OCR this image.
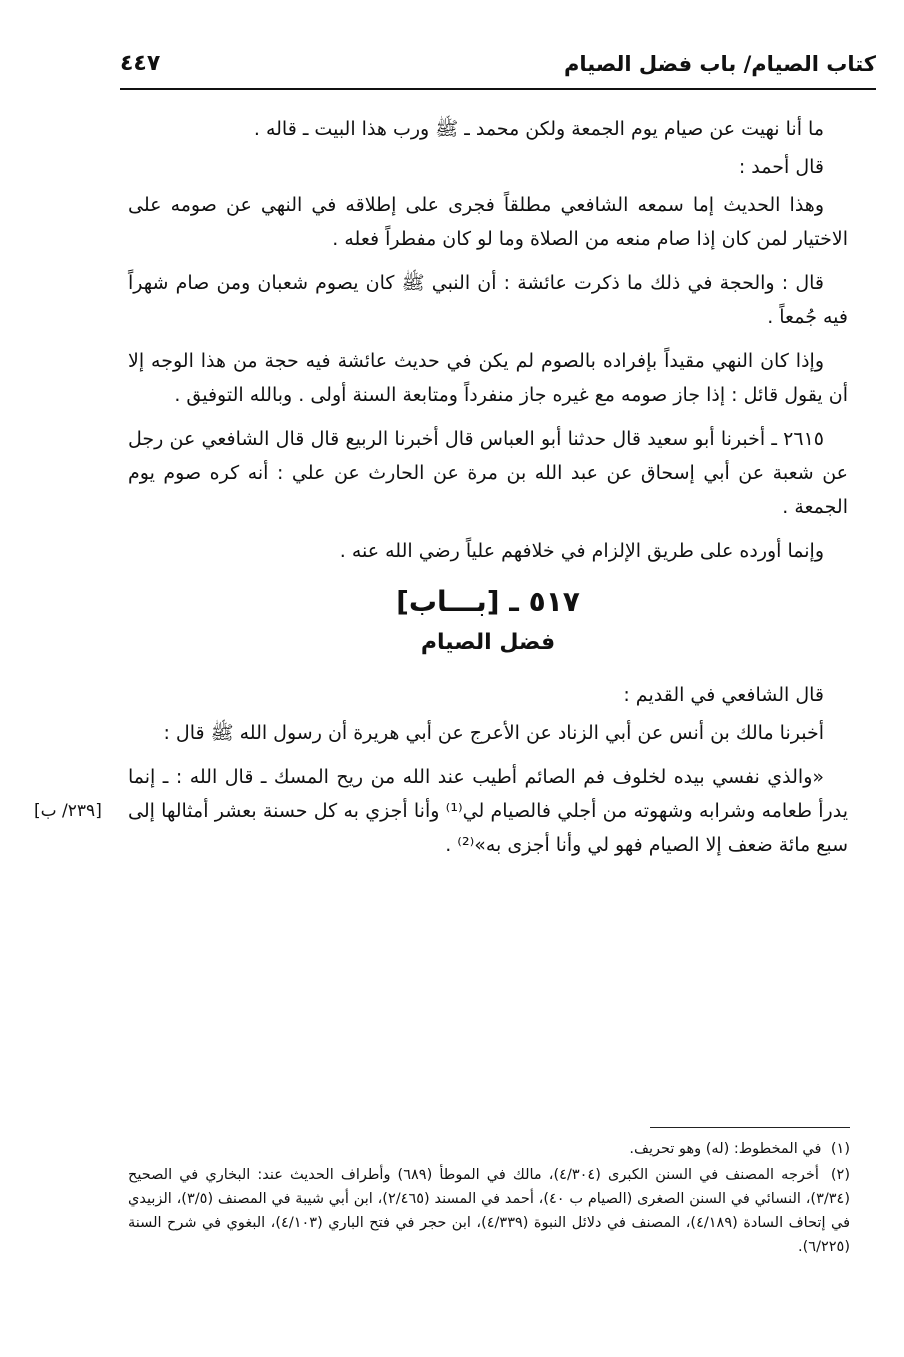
كتاب الصيام/ باب فضل الصيام
٤٤٧

ما أنا نهيت عن صيام يوم الجمعة ولكن محمد ـ ﷺ ورب هذا البيت ـ قاله .

قال أحمد :

وهذا الحديث إما سمعه الشافعي مطلقاً فجرى على إطلاقه في النهي عن صومه على الاختيار لمن كان إذا صام منعه من الصلاة وما لو كان مفطراً فعله .

قال : والحجة في ذلك ما ذكرت عائشة : أن النبي ﷺ كان يصوم شعبان ومن صام شهراً فيه جُمعاً .

وإذا كان النهي مقيداً بإفراده بالصوم لم يكن في حديث عائشة فيه حجة من هذا الوجه إلا أن يقول قائل : إذا جاز صومه مع غيره جاز منفرداً ومتابعة السنة أولى . وبالله التوفيق .

٢٦١٥ ـ أخبرنا أبو سعيد قال حدثنا أبو العباس قال أخبرنا الربيع قال قال الشافعي عن رجل عن شعبة عن أبي إسحاق عن عبد الله بن مرة عن الحارث عن علي : أنه كره صوم يوم الجمعة .

وإنما أورده على طريق الإلزام في خلافهم علياً رضي الله عنه .

٥١٧ ـ [بـــاب]
فضل الصيام

قال الشافعي في القديم :

أخبرنا مالك بن أنس عن أبي الزناد عن الأعرج عن أبي هريرة أن رسول الله ﷺ قال :

«والذي نفسي بيده لخلوف فم الصائم أطيب عند الله من ريح المسك ـ قال الله : ـ إنما يدرأ طعامه وشرابه وشهوته من أجلي فالصيام لي⁽¹⁾ وأنا أجزي به كل حسنة بعشر أمثالها إلى سبع مائة ضعف إلا الصيام فهو لي وأنا أجزى به»⁽²⁾ .

[٢٣٩/ ب]
(١) في المخطوط: (له) وهو تحريف.
(٢) أخرجه المصنف في السنن الكبرى (٤/٣٠٤)، مالك في الموطأ (٦٨٩) وأطراف الحديث عند: البخاري في الصحيح (٣/٣٤)، النسائي في السنن الصغرى (الصيام ب ٤٠)، أحمد في المسند (٢/٤٦٥)، ابن أبي شيبة في المصنف (٣/٥)، الزبيدي في إتحاف السادة (٤/١٨٩)، المصنف في دلائل النبوة (٤/٣٣٩)، ابن حجر في فتح الباري (٤/١٠٣)، البغوي في شرح السنة (٦/٢٢٥).
